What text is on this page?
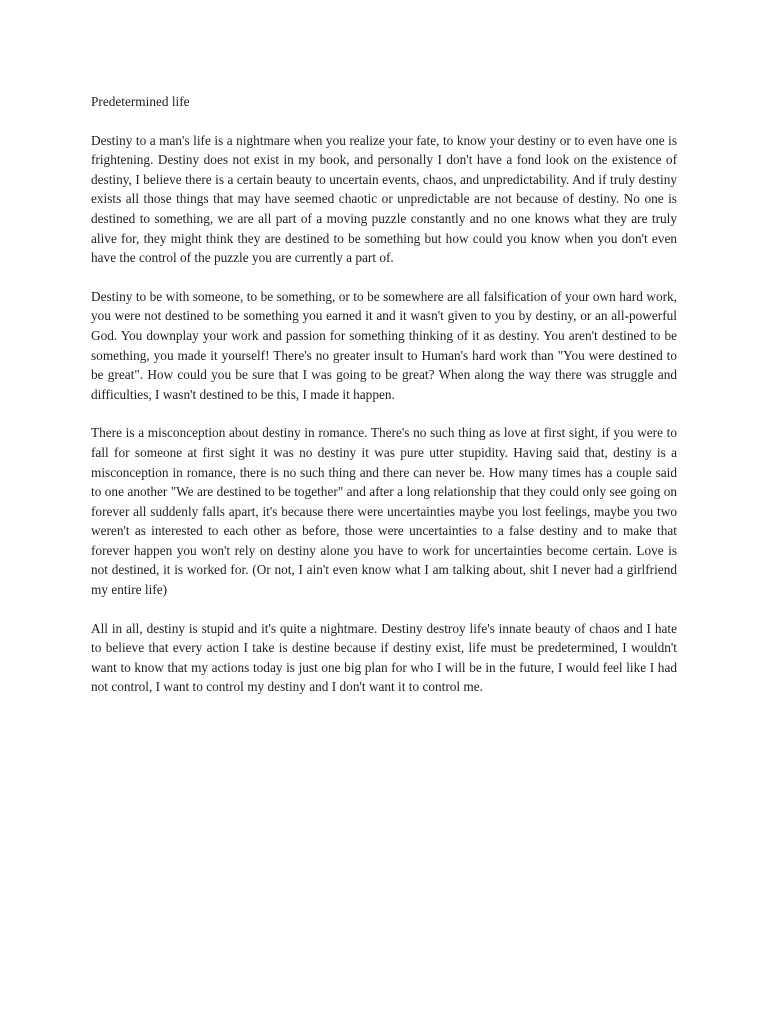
Predetermined life

Destiny to a man's life is a nightmare when you realize your fate, to know your destiny or to even have one is frightening. Destiny does not exist in my book, and personally I don't have a fond look on the existence of destiny, I believe there is a certain beauty to uncertain events, chaos, and unpredictability. And if truly destiny exists all those things that may have seemed chaotic or unpredictable are not because of destiny. No one is destined to something, we are all part of a moving puzzle constantly and no one knows what they are truly alive for, they might think they are destined to be something but how could you know when you don't even have the control of the puzzle you are currently a part of.

Destiny to be with someone, to be something, or to be somewhere are all falsification of your own hard work, you were not destined to be something you earned it and it wasn't given to you by destiny, or an all-powerful God. You downplay your work and passion for something thinking of it as destiny. You aren't destined to be something, you made it yourself! There's no greater insult to Human's hard work than "You were destined to be great". How could you be sure that I was going to be great? When along the way there was struggle and difficulties, I wasn't destined to be this, I made it happen.

There is a misconception about destiny in romance. There's no such thing as love at first sight, if you were to fall for someone at first sight it was no destiny it was pure utter stupidity. Having said that, destiny is a misconception in romance, there is no such thing and there can never be. How many times has a couple said to one another "We are destined to be together" and after a long relationship that they could only see going on forever all suddenly falls apart, it's because there were uncertainties maybe you lost feelings, maybe you two weren't as interested to each other as before, those were uncertainties to a false destiny and to make that forever happen you won't rely on destiny alone you have to work for uncertainties become certain. Love is not destined, it is worked for. (Or not, I ain't even know what I am talking about, shit I never had a girlfriend my entire life)

All in all, destiny is stupid and it's quite a nightmare. Destiny destroy life's innate beauty of chaos and I hate to believe that every action I take is destine because if destiny exist, life must be predetermined, I wouldn't want to know that my actions today is just one big plan for who I will be in the future, I would feel like I had not control, I want to control my destiny and I don't want it to control me.
